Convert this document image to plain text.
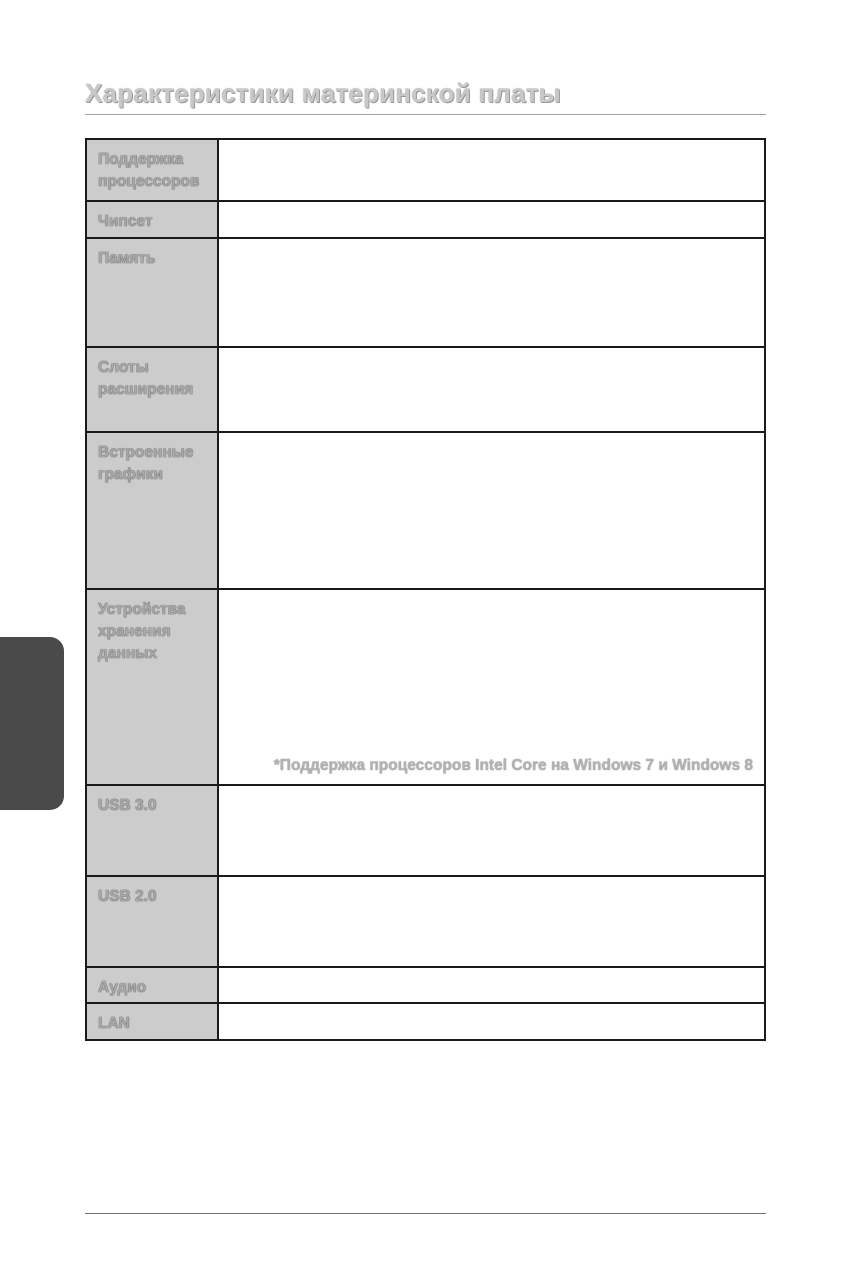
Характеристики материнской платы
Поддержка
процессоров	

Чипсет	

Память	

Слоты
расширения	

Встроенные
графики	

Устройства
хранения
данных	*Поддержка процессоров Intel Core на Windows 7 и Windows 8

USB 3.0	

USB 2.0	

Аудио	

LAN	
